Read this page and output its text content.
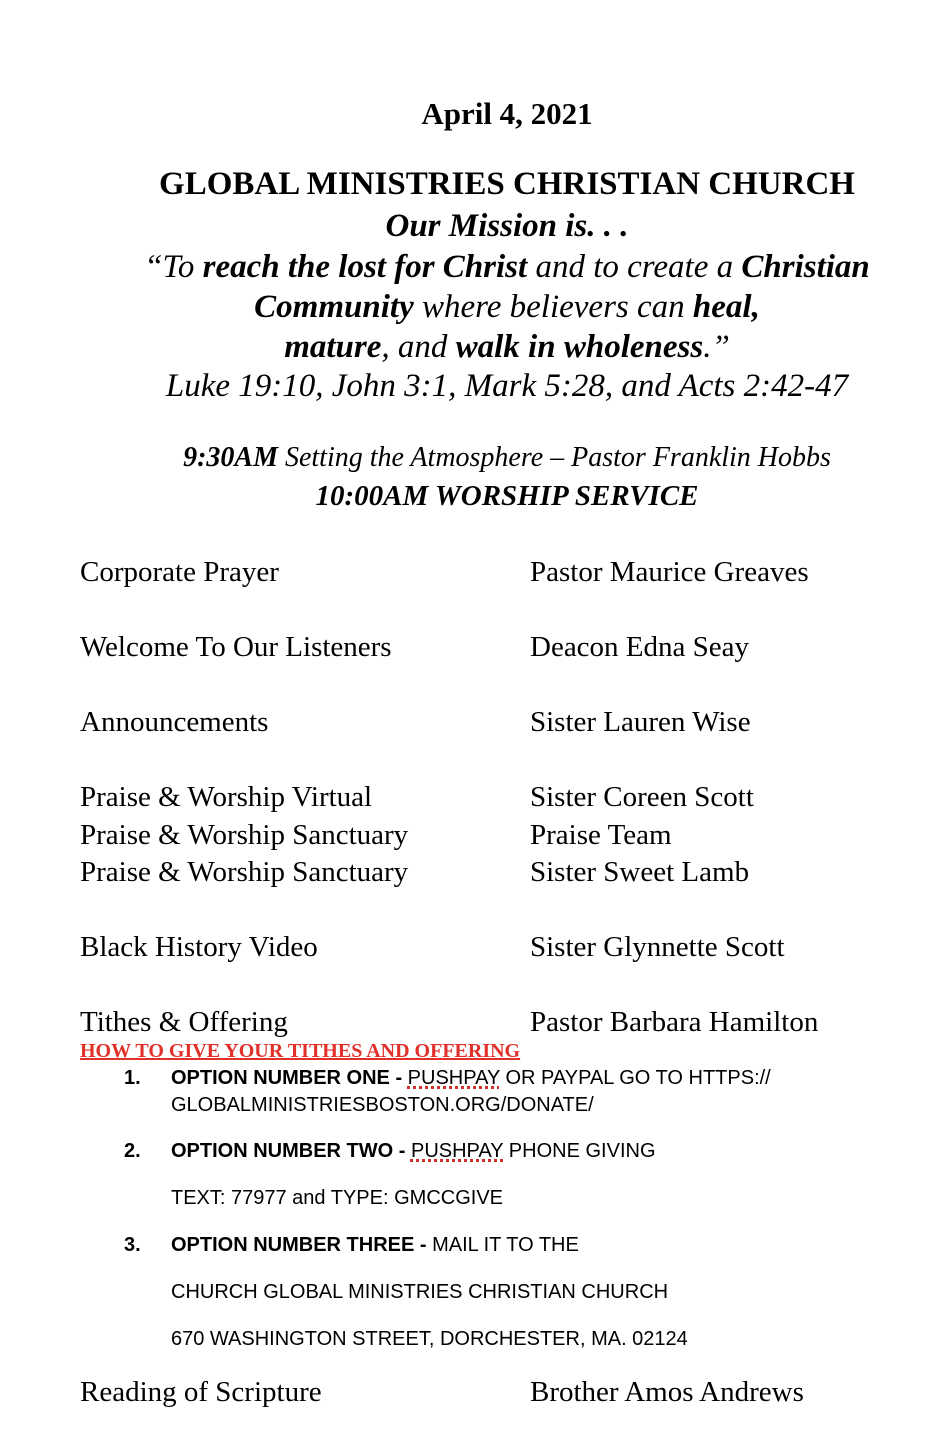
April 4, 2021
GLOBAL MINISTRIES CHRISTIAN CHURCH
Our Mission is. . .
“To reach the lost for Christ and to create a Christian
Community where believers can heal,
mature, and walk in wholeness.”
Luke 19:10, John 3:1, Mark 5:28, and Acts 2:42-47
9:30AM Setting the Atmosphere – Pastor Franklin Hobbs
10:00AM WORSHIP SERVICE
Corporate Prayer	Pastor Maurice Greaves
Welcome To Our Listeners	Deacon Edna Seay
Announcements	Sister Lauren Wise
Praise & Worship Virtual	Sister Coreen Scott
Praise & Worship Sanctuary	Praise Team
Praise & Worship Sanctuary	Sister Sweet Lamb
Black History Video	Sister Glynnette Scott
Tithes & Offering	Pastor Barbara Hamilton
HOW TO GIVE YOUR TITHES AND OFFERING
1. OPTION NUMBER ONE - PUSHPAY OR PAYPAL GO TO HTTPS://
GLOBALMINISTRIESBOSTON.ORG/DONATE/
2. OPTION NUMBER TWO - PUSHPAY PHONE GIVING
TEXT: 77977 and TYPE: GMCCGIVE
3. OPTION NUMBER THREE - MAIL IT TO THE
CHURCH GLOBAL MINISTRIES CHRISTIAN CHURCH
670 WASHINGTON STREET, DORCHESTER, MA. 02124
Reading of Scripture	Brother Amos Andrews
